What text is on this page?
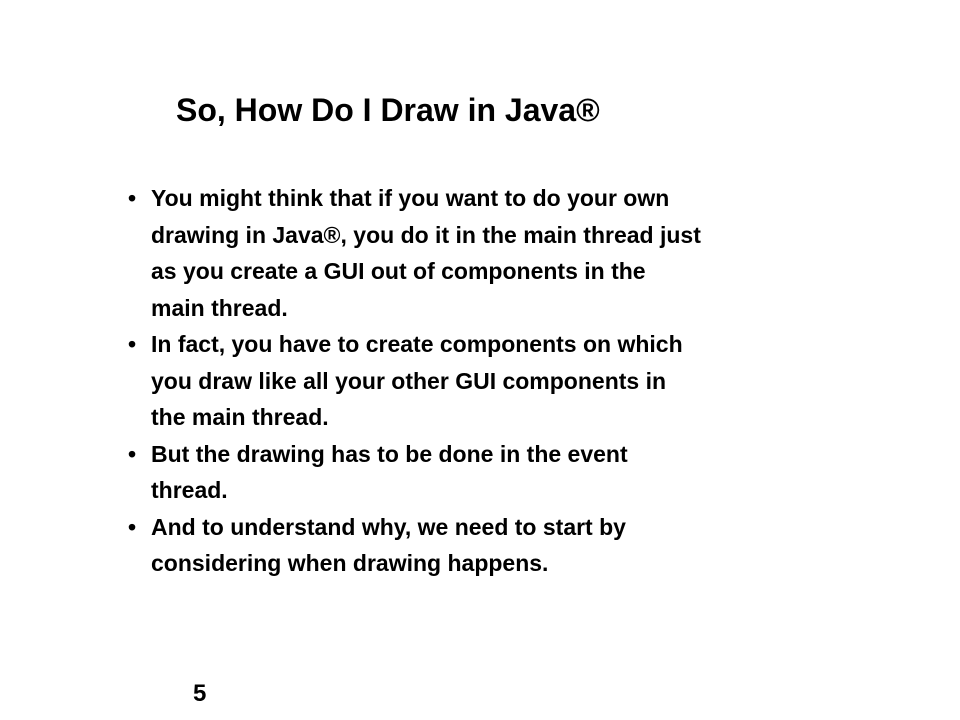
So, How Do I Draw in Java®
• You might think that if you want to do your own
drawing in Java®, you do it in the main thread just
as you create a GUI out of components in the
main thread.
• In fact, you have to create components on which
you draw like all your other GUI components in
the main thread.
• But the drawing has to be done in the event
thread.
• And to understand why, we need to start by
considering when drawing happens.
5
